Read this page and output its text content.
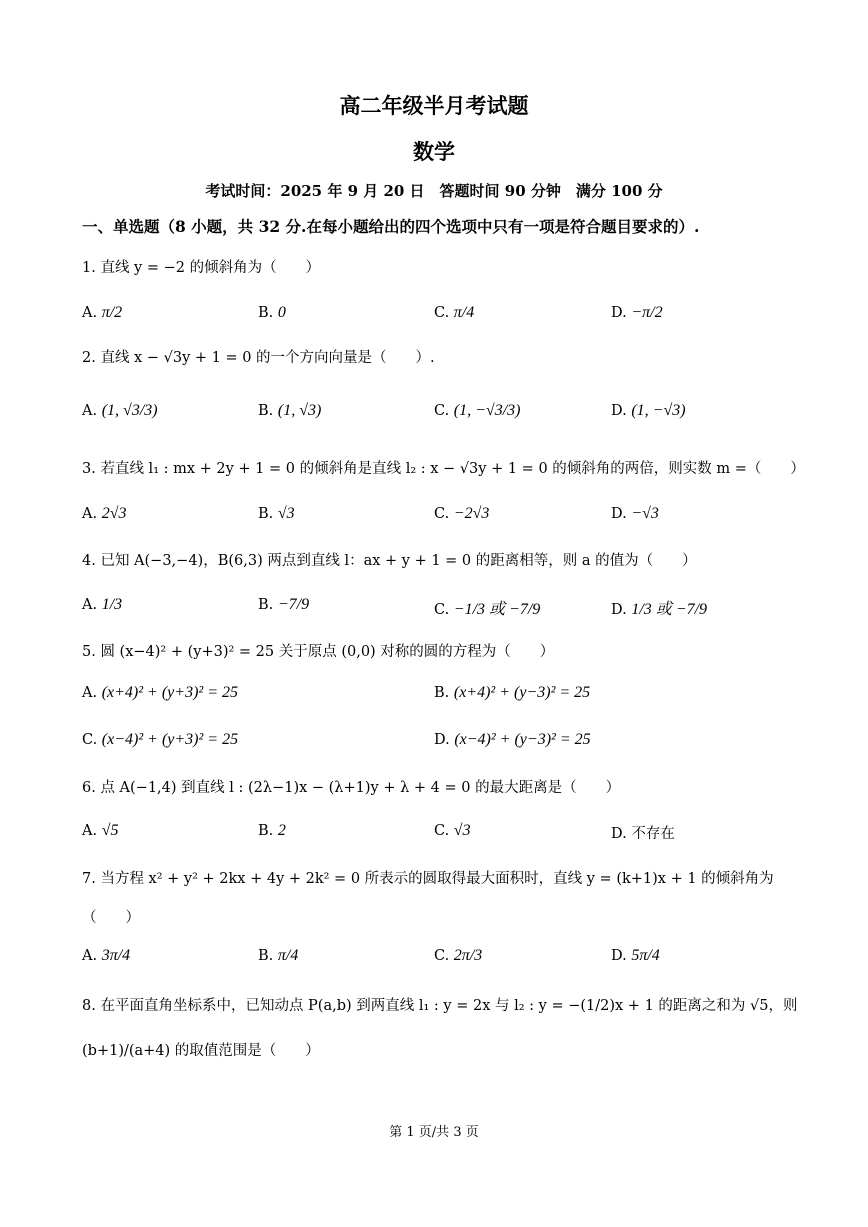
高二年级半月考试题
数学
考试时间：2025 年 9 月 20 日　答题时间 90 分钟　满分 100 分
一、单选题（8 小题，共 32 分.在每小题给出的四个选项中只有一项是符合题目要求的）.
1. 直线 y = −2 的倾斜角为（　　）
A. π/2	B. 0	C. π/4	D. −π/2
2. 直线 x − √3y + 1 = 0 的一个方向向量是（　　）.
A. (1, √3/3)	B. (1, √3)	C. (1, −√3/3)	D. (1, −√3)
3. 若直线 l₁ : mx + 2y + 1 = 0 的倾斜角是直线 l₂ : x − √3y + 1 = 0 的倾斜角的两倍，则实数 m =（　　）
A. 2√3	B. √3	C. −2√3	D. −√3
4. 已知 A(−3,−4)，B(6,3) 两点到直线 l：ax + y + 1 = 0 的距离相等，则 a 的值为（　　）
A. 1/3	B. −7/9	C. −1/3 或 −7/9	D. 1/3 或 −7/9
5. 圆 (x−4)² + (y+3)² = 25 关于原点 (0,0) 对称的圆的方程为（　　）
A. (x+4)² + (y+3)² = 25	B. (x+4)² + (y−3)² = 25
C. (x−4)² + (y+3)² = 25	D. (x−4)² + (y−3)² = 25
6. 点 A(−1,4) 到直线 l : (2λ−1)x − (λ+1)y + λ + 4 = 0 的最大距离是（　　）
A. √5	B. 2	C. √3	D. 不存在
7. 当方程 x² + y² + 2kx + 4y + 2k² = 0 所表示的圆取得最大面积时，直线 y = (k+1)x + 1 的倾斜角为
（　　）
A. 3π/4	B. π/4	C. 2π/3	D. 5π/4
8. 在平面直角坐标系中，已知动点 P(a,b) 到两直线 l₁ : y = 2x 与 l₂ : y = −(1/2)x + 1 的距离之和为 √5，则
(b+1)/(a+4) 的取值范围是（　　）
第 1 页/共 3 页
